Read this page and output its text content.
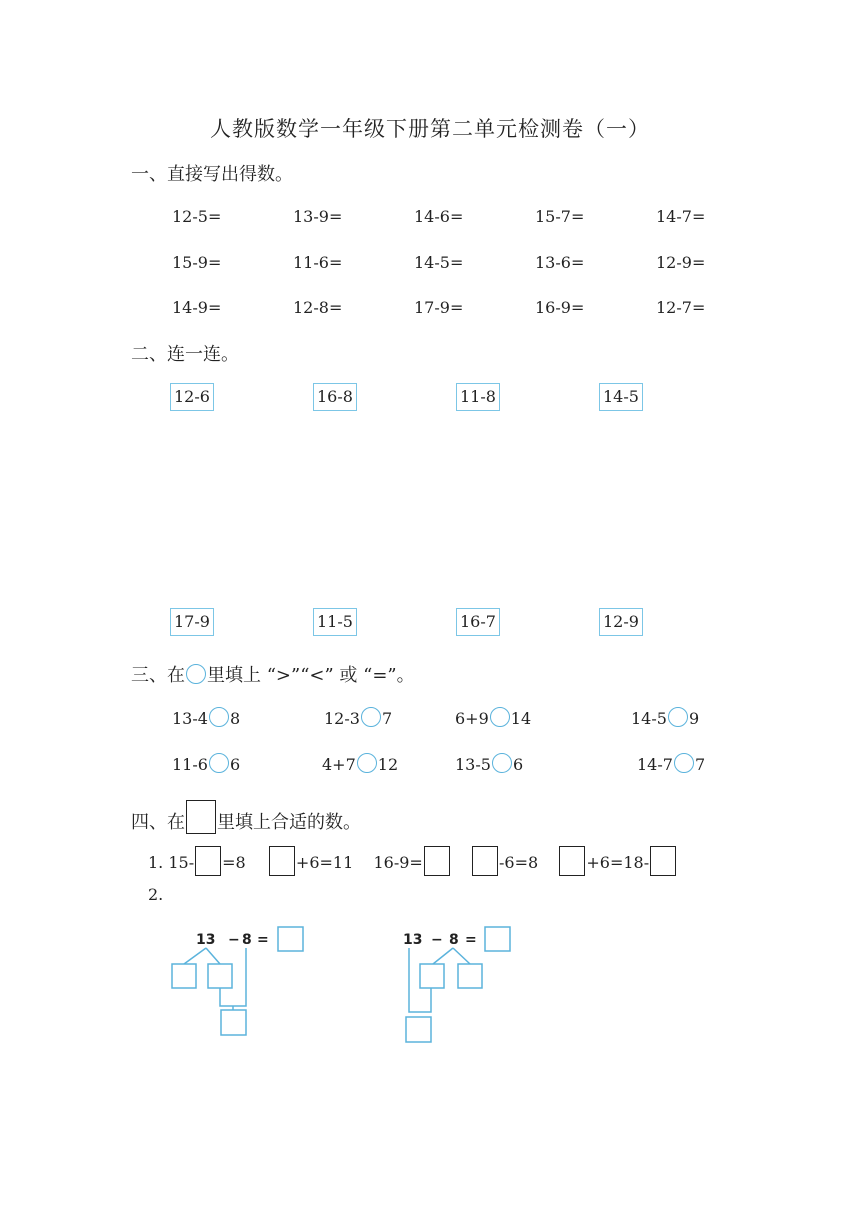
人教版数学一年级下册第二单元检测卷（一）
一、直接写出得数。
12-5=	13-9=	14-6=	15-7=	14-7=
15-9=	11-6=	14-5=	13-6=	12-9=
14-9=	12-8=	17-9=	16-9=	12-7=
二、连一连。
12-6	16-8	11-8	14-5
17-9	11-5	16-7	12-9
三、在 里填上 “>”“<” 或 “=”。
13-4 8	12-3 7	6+9 14	14-5 9
11-6 6	4+7 12	13-5 6	14-7 7
四、在 里填上合适的数。
1. 15- =8	+6=11 16-9=	-6=8	+6=18-
2.
13 − 8 =	13 − 8 =
